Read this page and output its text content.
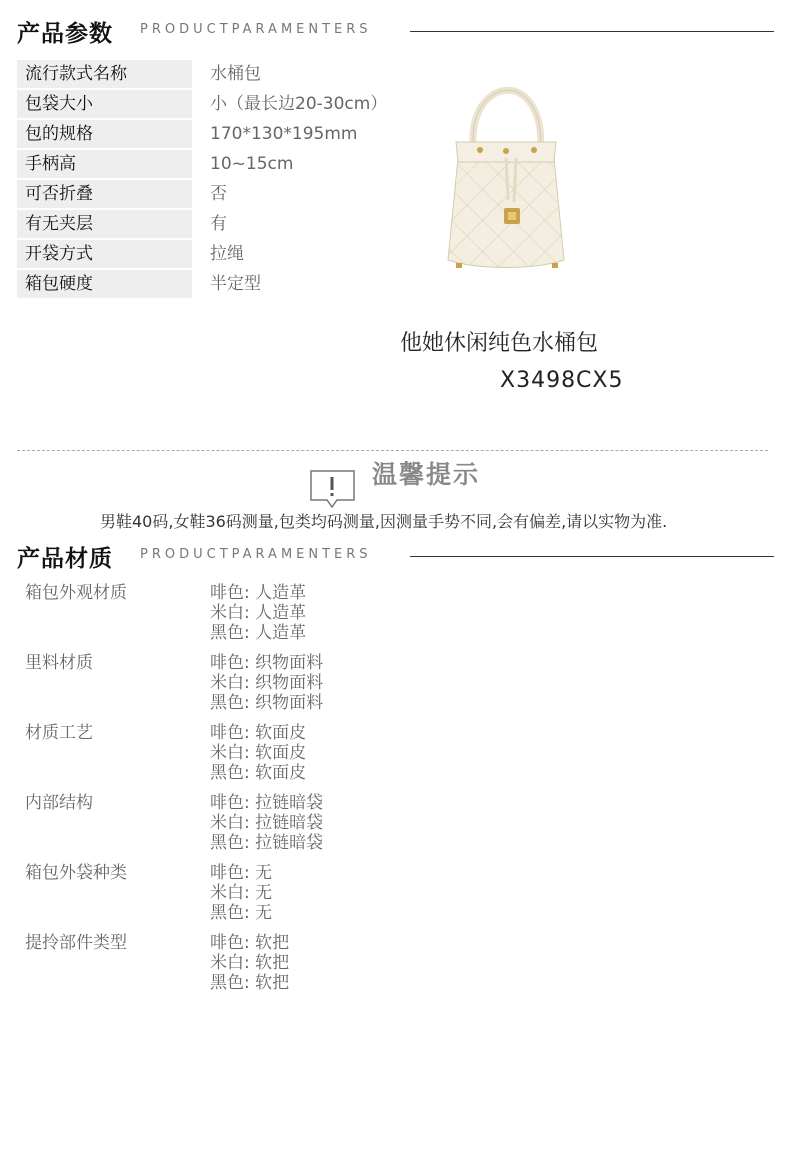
产品参数 PRODUCTPARAMENTERS
流行款式名称	水桶包
包袋大小	小（最长边20-30cm）
包的规格	170*130*195mm
手柄高	10~15cm
可否折叠	否
有无夹层	有
开袋方式	拉绳
箱包硬度	半定型
他她休闲纯色水桶包
X3498CX5
温馨提示
男鞋40码,女鞋36码测量,包类均码测量,因测量手势不同,会有偏差,请以实物为准.
产品材质 PRODUCTPARAMENTERS
箱包外观材质	啡色: 人造革
米白: 人造革
黑色: 人造革
里料材质	啡色: 织物面料
米白: 织物面料
黑色: 织物面料
材质工艺	啡色: 软面皮
米白: 软面皮
黑色: 软面皮
内部结构	啡色: 拉链暗袋
米白: 拉链暗袋
黑色: 拉链暗袋
箱包外袋种类	啡色: 无
米白: 无
黑色: 无
提拎部件类型	啡色: 软把
米白: 软把
黑色: 软把
